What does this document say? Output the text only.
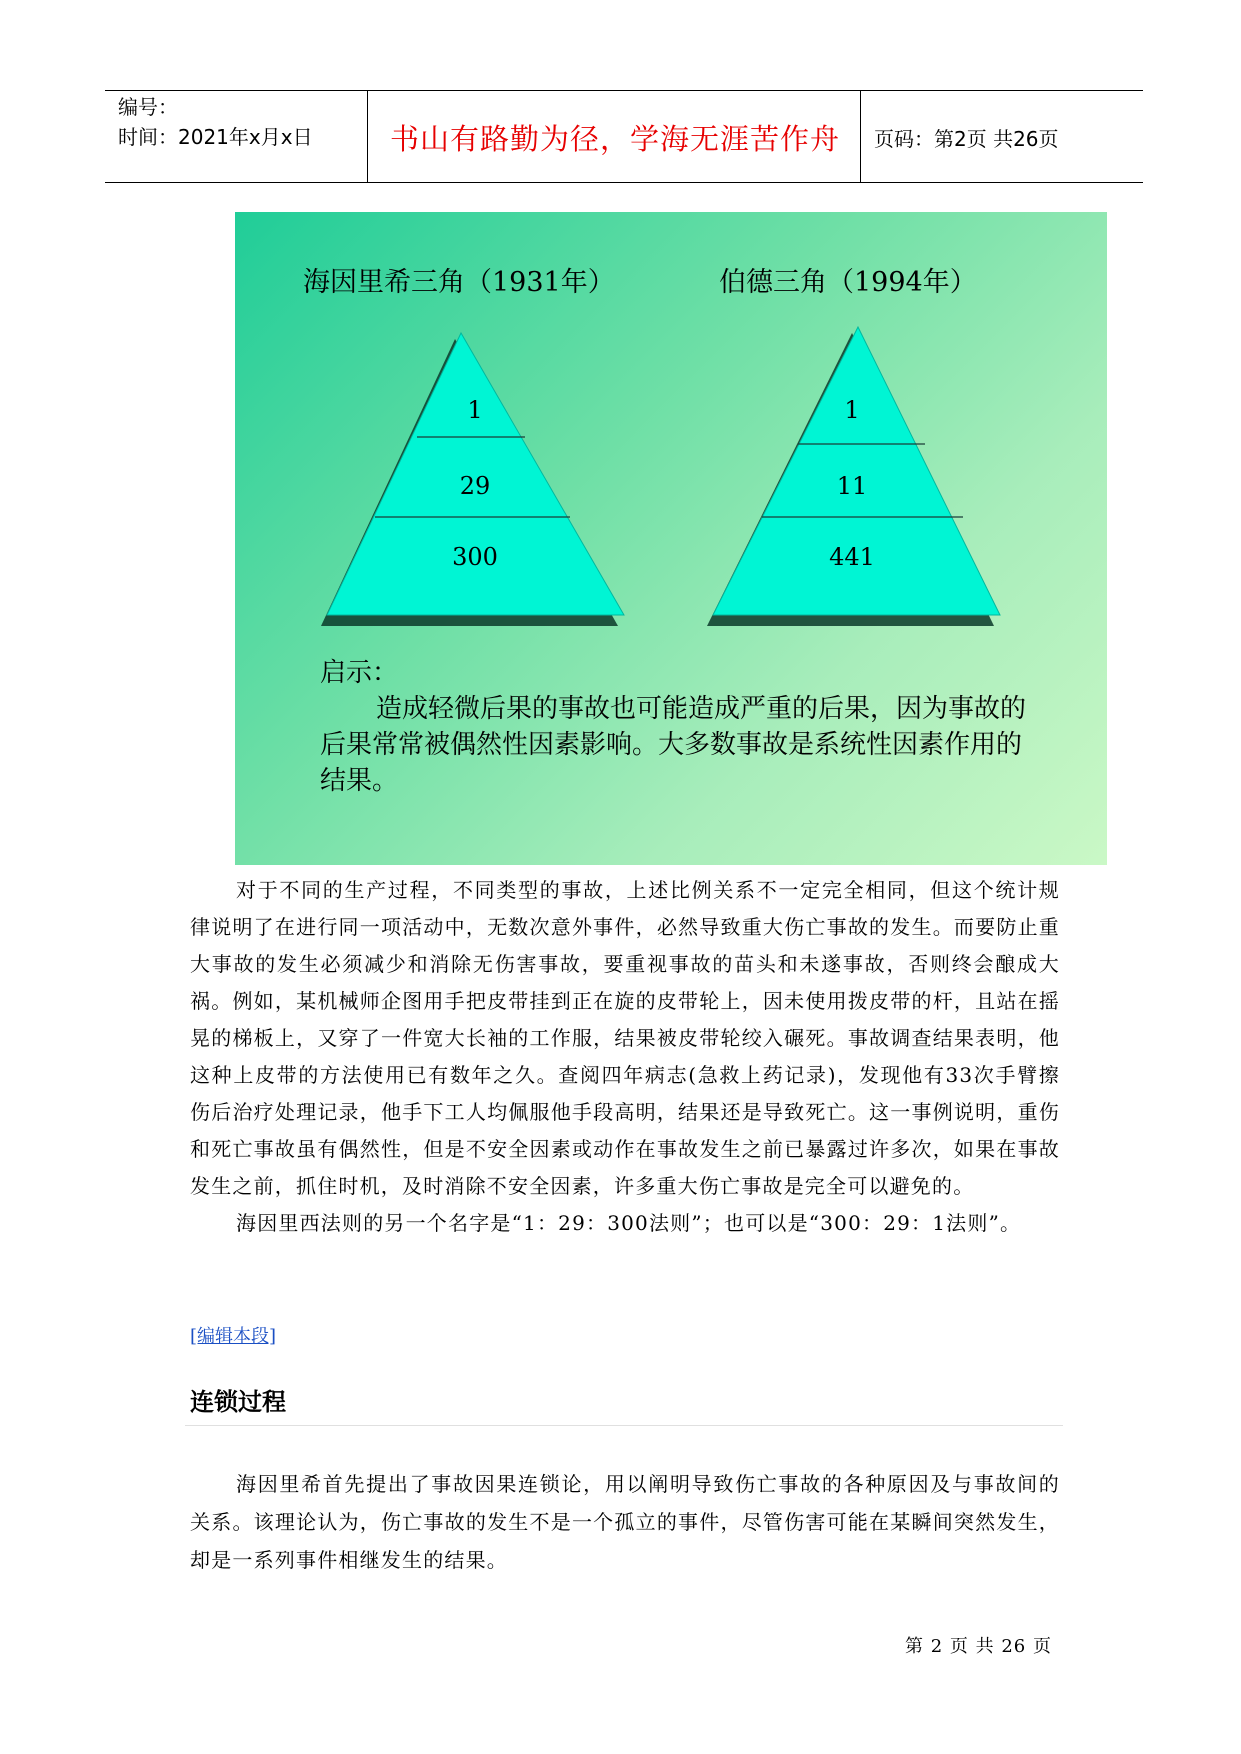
编号：
时间：2021年x月x日	书山有路勤为径，学海无涯苦作舟	页码：第2页 共26页
海因里希三角（1931年）	伯德三角（1994年）
1
29
300
1
11
441
启示：
造成轻微后果的事故也可能造成严重的后果，因为事故的后果常常被偶然性因素影响。大多数事故是系统性因素作用的结果。

对于不同的生产过程，不同类型的事故，上述比例关系不一定完全相同，但这个统计规律说明了在进行同一项活动中，无数次意外事件，必然导致重大伤亡事故的发生。而要防止重大事故的发生必须减少和消除无伤害事故，要重视事故的苗头和未遂事故，否则终会酿成大祸。例如，某机械师企图用手把皮带挂到正在旋的皮带轮上，因未使用拨皮带的杆，且站在摇晃的梯板上，又穿了一件宽大长袖的工作服，结果被皮带轮绞入碾死。事故调查结果表明，他这种上皮带的方法使用已有数年之久。查阅四年病志(急救上药记录)，发现他有33次手臂擦伤后治疗处理记录，他手下工人均佩服他手段高明，结果还是导致死亡。这一事例说明，重伤和死亡事故虽有偶然性，但是不安全因素或动作在事故发生之前已暴露过许多次，如果在事故发生之前，抓住时机，及时消除不安全因素，许多重大伤亡事故是完全可以避免的。

海因里西法则的另一个名字是“1：29：300法则”；也可以是“300：29：1法则”。

[编辑本段]
连锁过程

海因里希首先提出了事故因果连锁论，用以阐明导致伤亡事故的各种原因及与事故间的关系。该理论认为，伤亡事故的发生不是一个孤立的事件，尽管伤害可能在某瞬间突然发生，却是一系列事件相继发生的结果。

第 2 页 共 26 页
